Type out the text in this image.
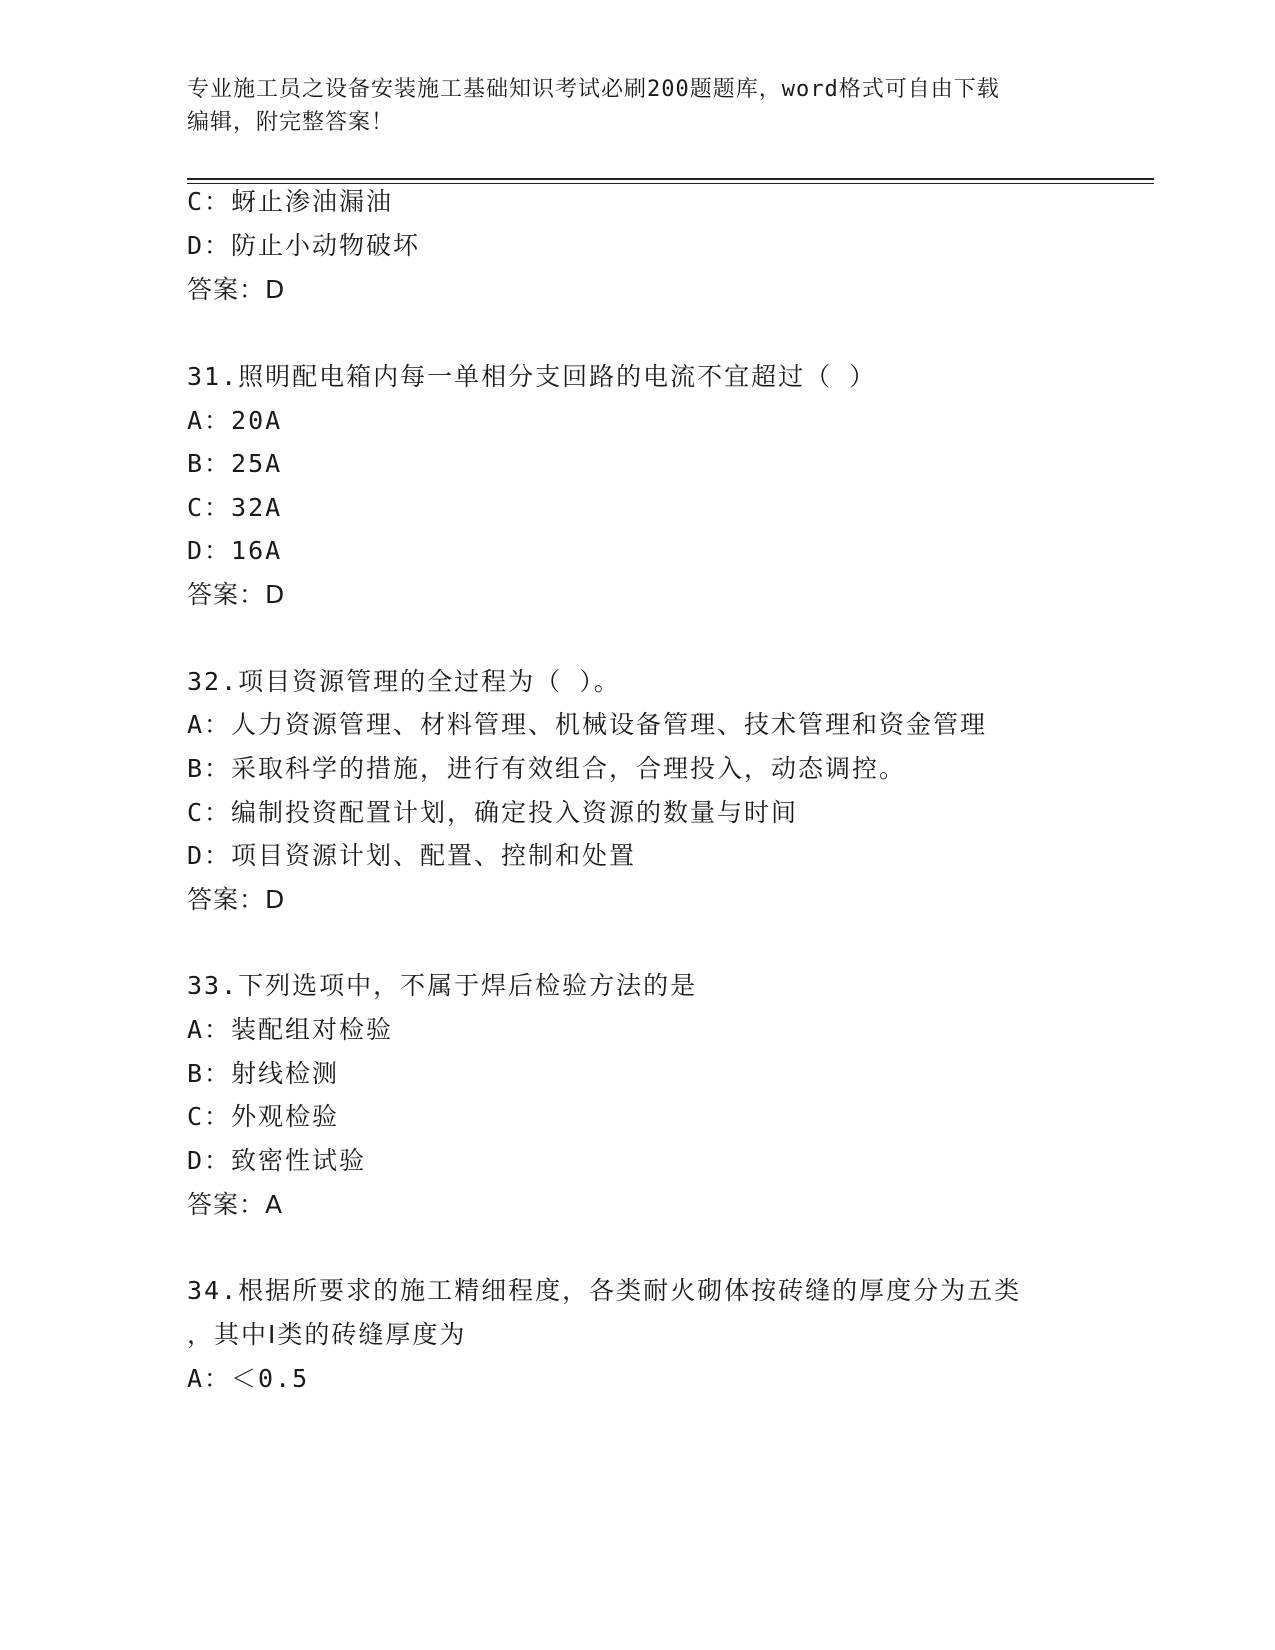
专业施工员之设备安装施工基础知识考试必刷200题题库，word格式可自由下载
编辑，附完整答案！
C：蚜止渗油漏油
D：防止小动物破坏
答案：D
31.照明配电箱内每一单相分支回路的电流不宜超过（ ）
A：20A
B：25A
C：32A
D：16A
答案：D
32.项目资源管理的全过程为（ ）。
A：人力资源管理、材料管理、机械设备管理、技术管理和资金管理
B：采取科学的措施，进行有效组合，合理投入，动态调控。
C：编制投资配置计划，确定投入资源的数量与时间
D：项目资源计划、配置、控制和处置
答案：D
33.下列选项中，不属于焊后检验方法的是
A：装配组对检验
B：射线检测
C：外观检验
D：致密性试验
答案：A
34.根据所要求的施工精细程度，各类耐火砌体按砖缝的厚度分为五类
，其中Ⅰ类的砖缝厚度为
A：＜0.5
